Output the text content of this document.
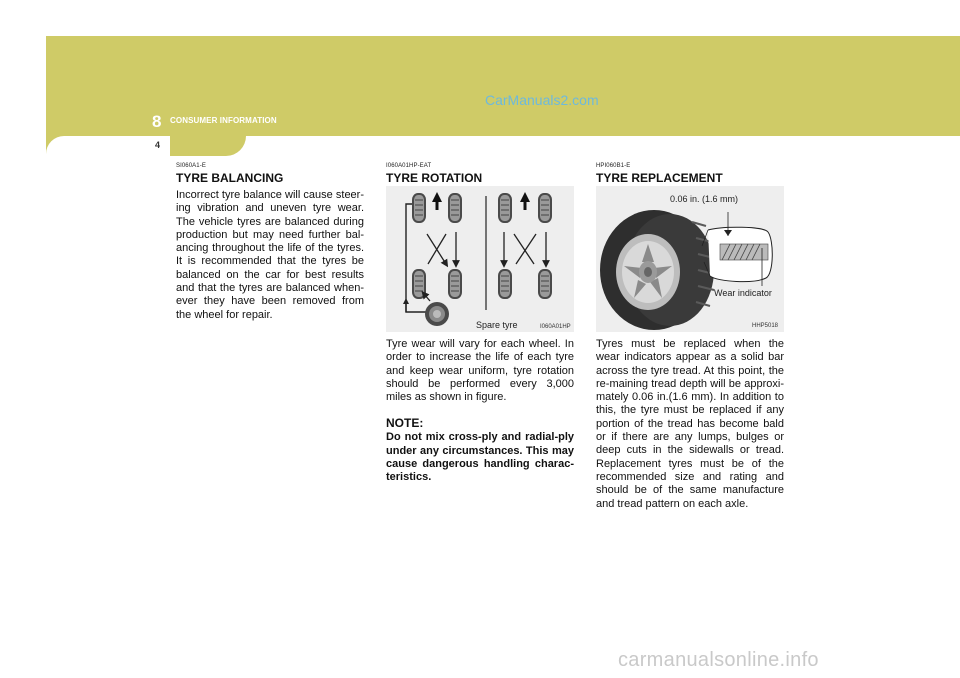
8 CONSUMER INFORMATION
CarManuals2.com
4
SI060A1-E
TYRE BALANCING
Incorrect tyre balance will cause steer-ing vibration and uneven tyre wear. The vehicle tyres are balanced during production but may need further bal-ancing throughout the life of the tyres. It is recommended that the tyres be balanced on the car for best results and that the tyres are balanced when-ever they have been removed from the wheel for repair.
I060A01HP-EAT
TYRE ROTATION
Spare tyre	I060A01HP
Tyre wear will vary for each wheel. In order to increase the life of each tyre and keep wear uniform, tyre rotation should be performed every 3,000 miles as shown in figure.
NOTE:
Do not mix cross-ply and radial-ply under any circumstances. This may cause dangerous handling charac-teristics.
HPI060B1-E
TYRE REPLACEMENT
0.06 in. (1.6 mm)
Wear indicator
HHP5018
Tyres must be replaced when the wear indicators appear as a solid bar across the tyre tread. At this point, the re-maining tread depth will be approxi-mately 0.06 in.(1.6 mm). In addition to this, the tyre must be replaced if any portion of the tread has become bald or if there are any lumps, bulges or deep cuts in the sidewalls or tread. Replacement tyres must be of the recommended size and rating and should be of the same manufacture and tread pattern on each axle.
carmanualsonline.info
